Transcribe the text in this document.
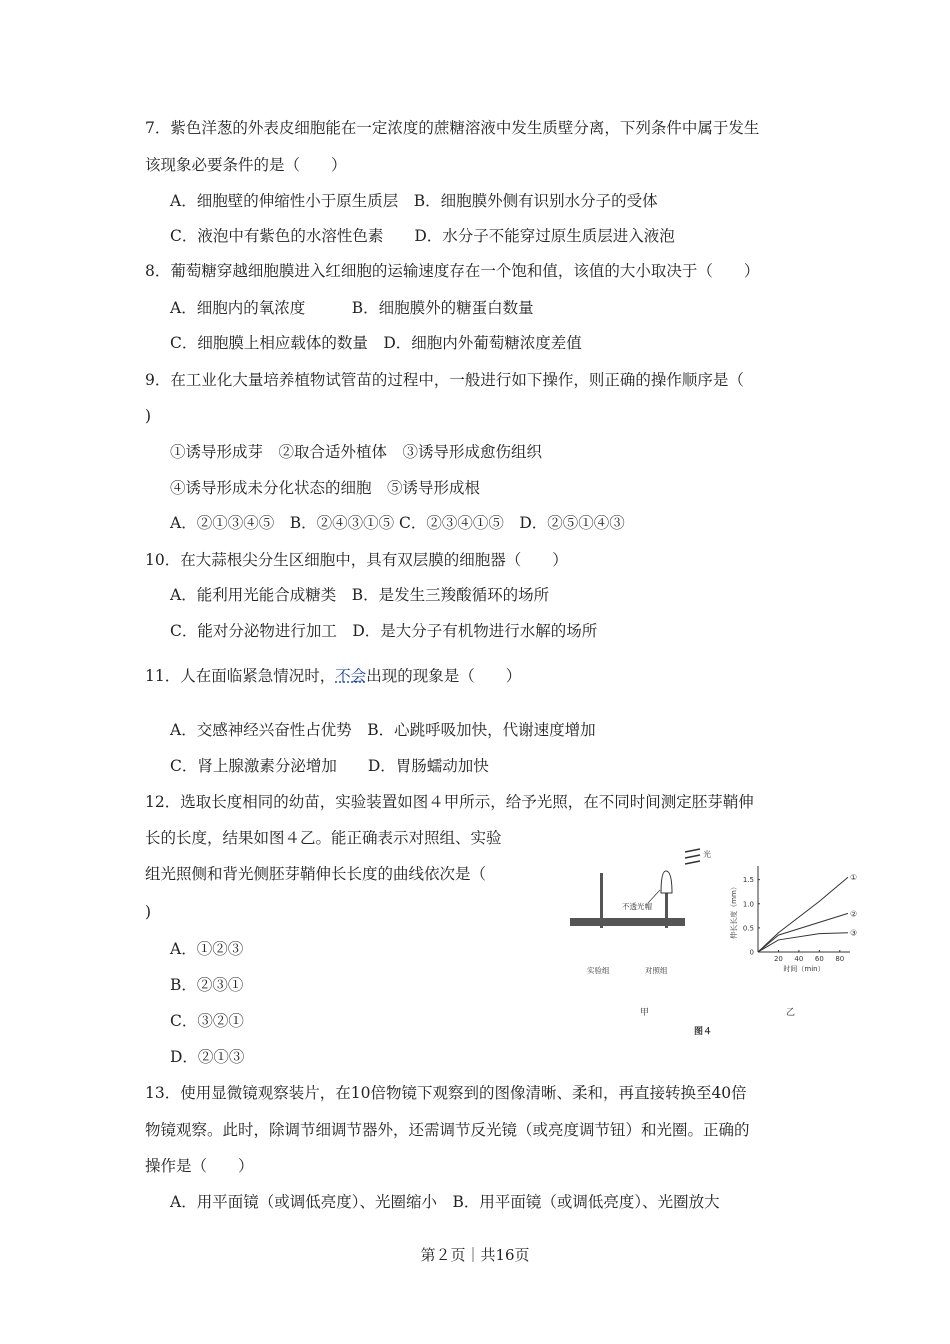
7．紫色洋葱的外表皮细胞能在一定浓度的蔗糖溶液中发生质壁分离，下列条件中属于发生
该现象必要条件的是（　　）
A．细胞壁的伸缩性小于原生质层　B．细胞膜外侧有识别水分子的受体
C．液泡中有紫色的水溶性色素　　D．水分子不能穿过原生质层进入液泡
8．葡萄糖穿越细胞膜进入红细胞的运输速度存在一个饱和值，该值的大小取决于（　　）
A．细胞内的氧浓度　　　B．细胞膜外的糖蛋白数量
C．细胞膜上相应载体的数量　D．细胞内外葡萄糖浓度差值
9．在工业化大量培养植物试管苗的过程中，一般进行如下操作，则正确的操作顺序是（
)
①诱导形成芽　②取合适外植体　③诱导形成愈伤组织
④诱导形成未分化状态的细胞　⑤诱导形成根
A．②①③④⑤　B．②④③①⑤ C．②③④①⑤　D．②⑤①④③
10．在大蒜根尖分生区细胞中，具有双层膜的细胞器（　　）
A．能利用光能合成糖类　B．是发生三羧酸循环的场所
C．能对分泌物进行加工　D．是大分子有机物进行水解的场所
11．人在面临紧急情况时，不会出现的现象是（　　）
A．交感神经兴奋性占优势　B．心跳呼吸加快，代谢速度增加
C．肾上腺激素分泌增加　　D．胃肠蠕动加快
12．选取长度相同的幼苗，实验装置如图４甲所示，给予光照，在不同时间测定胚芽鞘伸
长的长度，结果如图４乙。能正确表示对照组、实验
组光照侧和背光侧胚芽鞘伸长长度的曲线依次是（
)
A．①②③
B．②③①
C．③②①
D．②①③
13．使用显微镜观察装片，在10倍物镜下观察到的图像清晰、柔和，再直接转换至40倍
物镜观察。此时，除调节细调节器外，还需调节反光镜（或亮度调节钮）和光圈。正确的
操作是（　　）
A．用平面镜（或调低亮度）、光圈缩小　B．用平面镜（或调低亮度）、光圈放大
光
不透光帽
实验组	对照组
甲	乙
图４
20 40 60 80
0
0.5
1.0
1.5
时间（min）
伸长长度（mm）
①
②
③
第２页｜共16页
